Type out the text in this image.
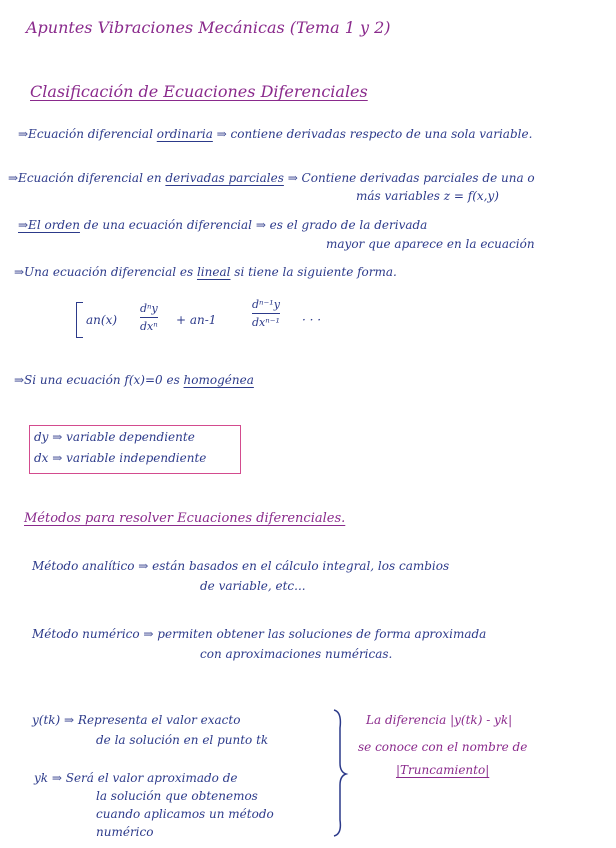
Apuntes Vibraciones Mecánicas (Tema 1 y 2)
Clasificación de Ecuaciones Diferenciales
⇒Ecuación diferencial ordinaria ⇒ contiene derivadas respecto de una sola variable.
⇒Ecuación diferencial en derivadas parciales ⇒ Contiene derivadas parciales de una o
más variables z = f(x,y)
⇒El orden de una ecuación diferencial ⇒ es el grado de la derivada
mayor que aparece en la ecuación
⇒Una ecuación diferencial es lineal si tiene la siguiente forma.
an(x)
dⁿy
dxⁿ + an-1
dⁿ⁻¹y
dxⁿ⁻¹ · · ·
⇒Si una ecuación f(x)=0 es homogénea
dy ⇒ variable dependiente
dx ⇒ variable independiente
Métodos para resolver Ecuaciones diferenciales.
Método analítico ⇒ están basados en el cálculo integral, los cambios
de variable, etc...
Método numérico ⇒ permiten obtener las soluciones de forma aproximada
con aproximaciones numéricas.
y(tk) ⇒ Representa el valor exacto
de la solución en el punto tk
yk ⇒ Será el valor aproximado de
la solución que obtenemos
cuando aplicamos un método
numérico
La diferencia |y(tk) - yk|
se conoce con el nombre de
|Truncamiento|
